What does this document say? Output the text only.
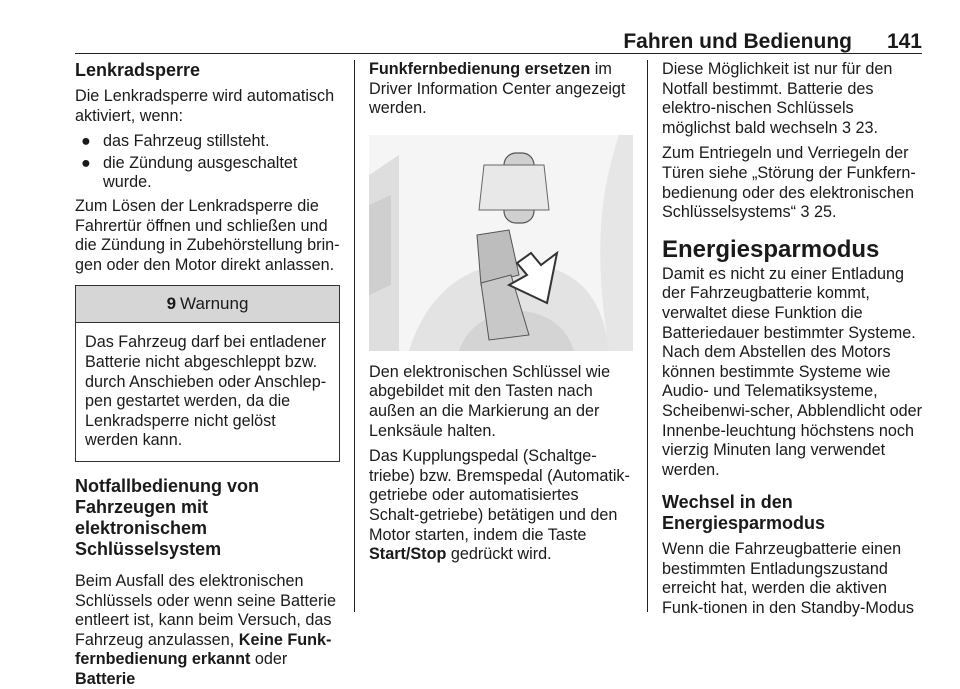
Fahren und Bedienung 141

Lenkradsperre

Die Lenkradsperre wird automatisch aktiviert, wenn:

● das Fahrzeug stillsteht.
● die Zündung ausgeschaltet wurde.

Zum Lösen der Lenkradsperre die Fahrertür öffnen und schließen und die Zündung in Zubehörstellung brin-gen oder den Motor direkt anlassen.

9 Warnung
Das Fahrzeug darf bei entladener Batterie nicht abgeschleppt bzw. durch Anschieben oder Anschlep-pen gestartet werden, da die Lenkradsperre nicht gelöst werden kann.

Notfallbedienung von Fahrzeugen mit elektronischem Schlüsselsystem

Beim Ausfall des elektronischen Schlüssels oder wenn seine Batterie entleert ist, kann beim Versuch, das Fahrzeug anzulassen, Keine Funk-fernbedienung erkannt oder Batterie

Funkfernbedienung ersetzen im Driver Information Center angezeigt werden.

Den elektronischen Schlüssel wie abgebildet mit den Tasten nach außen an die Markierung an der Lenksäule halten.

Das Kupplungspedal (Schaltge-triebe) bzw. Bremspedal (Automatik-getriebe oder automatisiertes Schalt-getriebe) betätigen und den Motor starten, indem die Taste Start/Stop gedrückt wird.

Diese Möglichkeit ist nur für den Notfall bestimmt. Batterie des elektro-nischen Schlüssels möglichst bald wechseln 3 23.

Zum Entriegeln und Verriegeln der Türen siehe „Störung der Funkfern-bedienung oder des elektronischen Schlüsselsystems“ 3 25.

Energiesparmodus

Damit es nicht zu einer Entladung der Fahrzeugbatterie kommt, verwaltet diese Funktion die Batteriedauer bestimmter Systeme. Nach dem Abstellen des Motors können bestimmte Systeme wie Audio- und Telematiksysteme, Scheibenwi-scher, Abblendlicht oder Innenbe-leuchtung höchstens noch vierzig Minuten lang verwendet werden.

Wechsel in den Energiesparmodus

Wenn die Fahrzeugbatterie einen bestimmten Entladungszustand erreicht hat, werden die aktiven Funk-tionen in den Standby-Modus
